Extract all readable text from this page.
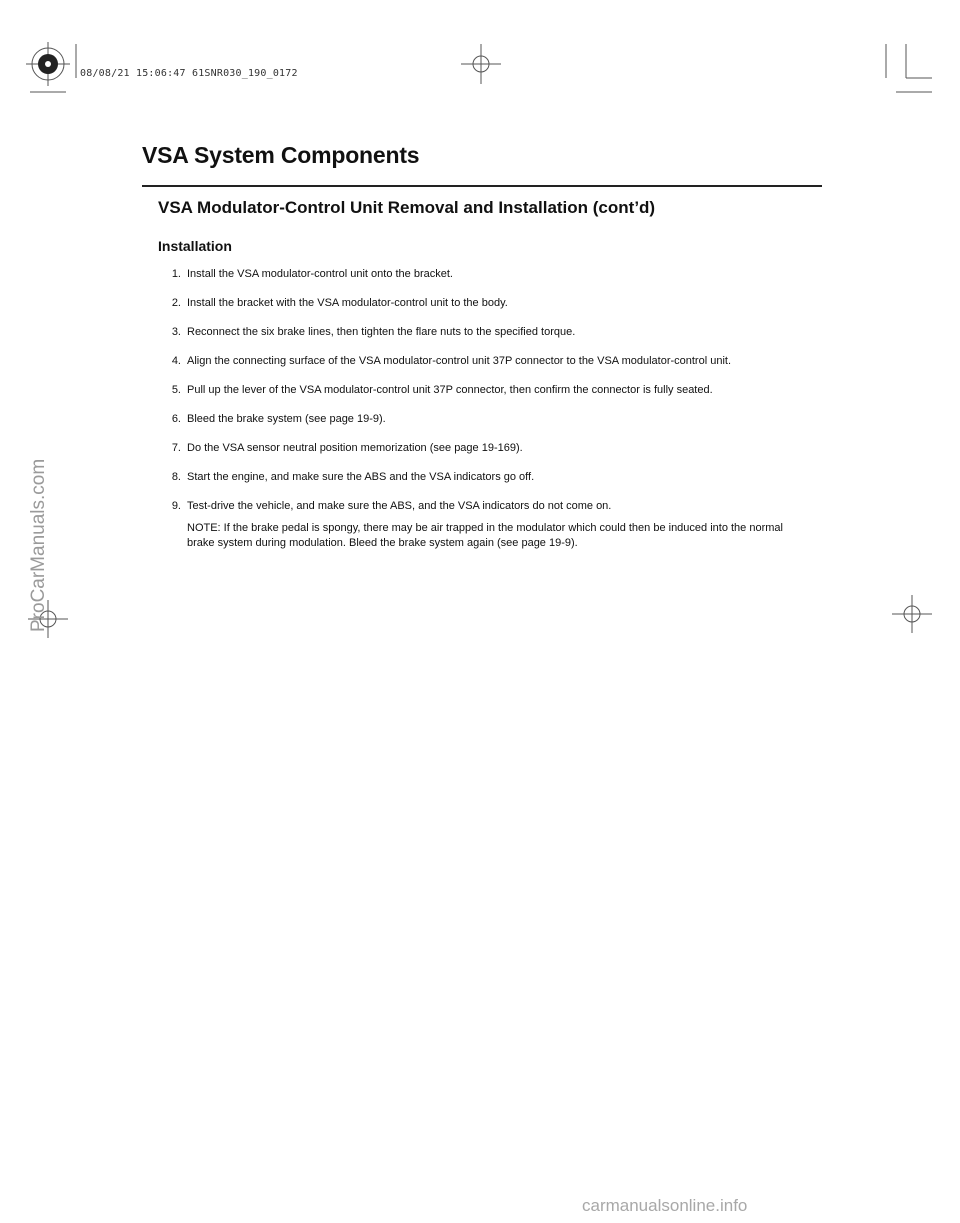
08/08/21 15:06:47 61SNR030_190_0172
VSA System Components
VSA Modulator-Control Unit Removal and Installation (cont’d)
Installation
1. Install the VSA modulator-control unit onto the bracket.
2. Install the bracket with the VSA modulator-control unit to the body.
3. Reconnect the six brake lines, then tighten the flare nuts to the specified torque.
4. Align the connecting surface of the VSA modulator-control unit 37P connector to the VSA modulator-control unit.
5. Pull up the lever of the VSA modulator-control unit 37P connector, then confirm the connector is fully seated.
6. Bleed the brake system (see page 19-9).
7. Do the VSA sensor neutral position memorization (see page 19-169).
8. Start the engine, and make sure the ABS and the VSA indicators go off.
9. Test-drive the vehicle, and make sure the ABS, and the VSA indicators do not come on.
NOTE: If the brake pedal is spongy, there may be air trapped in the modulator which could then be induced into the normal brake system during modulation. Bleed the brake system again (see page 19-9).
ProCarManuals.com
carmanualsonline.info
